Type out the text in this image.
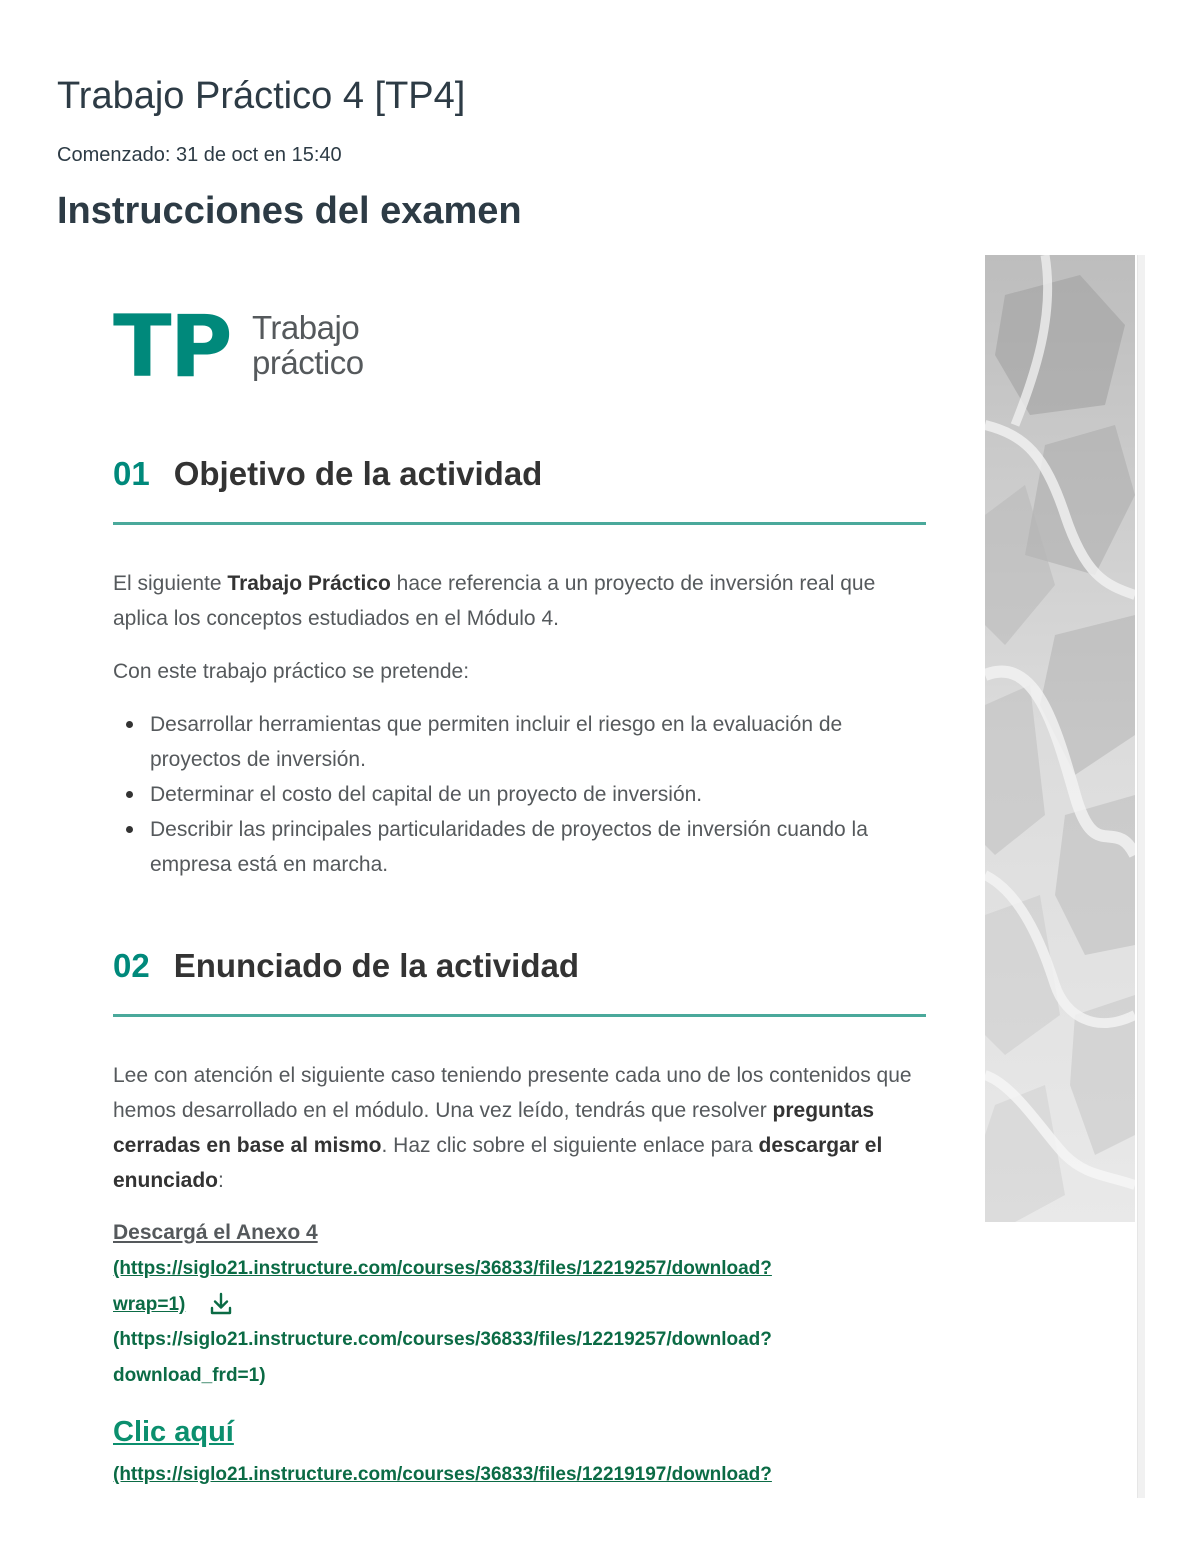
Trabajo Práctico 4 [TP4]
Comenzado: 31 de oct en 15:40
Instrucciones del examen
TP Trabajo
práctico
01 Objetivo de la actividad

El siguiente Trabajo Práctico hace referencia a un proyecto de inversión real que aplica los conceptos estudiados en el Módulo 4.

Con este trabajo práctico se pretende:

Desarrollar herramientas que permiten incluir el riesgo en la evaluación de proyectos de inversión.
Determinar el costo del capital de un proyecto de inversión.
Describir las principales particularidades de proyectos de inversión cuando la empresa está en marcha.
02 Enunciado de la actividad

Lee con atención el siguiente caso teniendo presente cada uno de los contenidos que hemos desarrollado en el módulo. Una vez leído, tendrás que resolver preguntas cerradas en base al mismo. Haz clic sobre el siguiente enlace para descargar el enunciado:

Descargá el Anexo 4
(https://siglo21.instructure.com/courses/36833/files/12219257/download?
wrap=1)
(https://siglo21.instructure.com/courses/36833/files/12219257/download?
download_frd=1)
Clic aquí
(https://siglo21.instructure.com/courses/36833/files/12219197/download?
